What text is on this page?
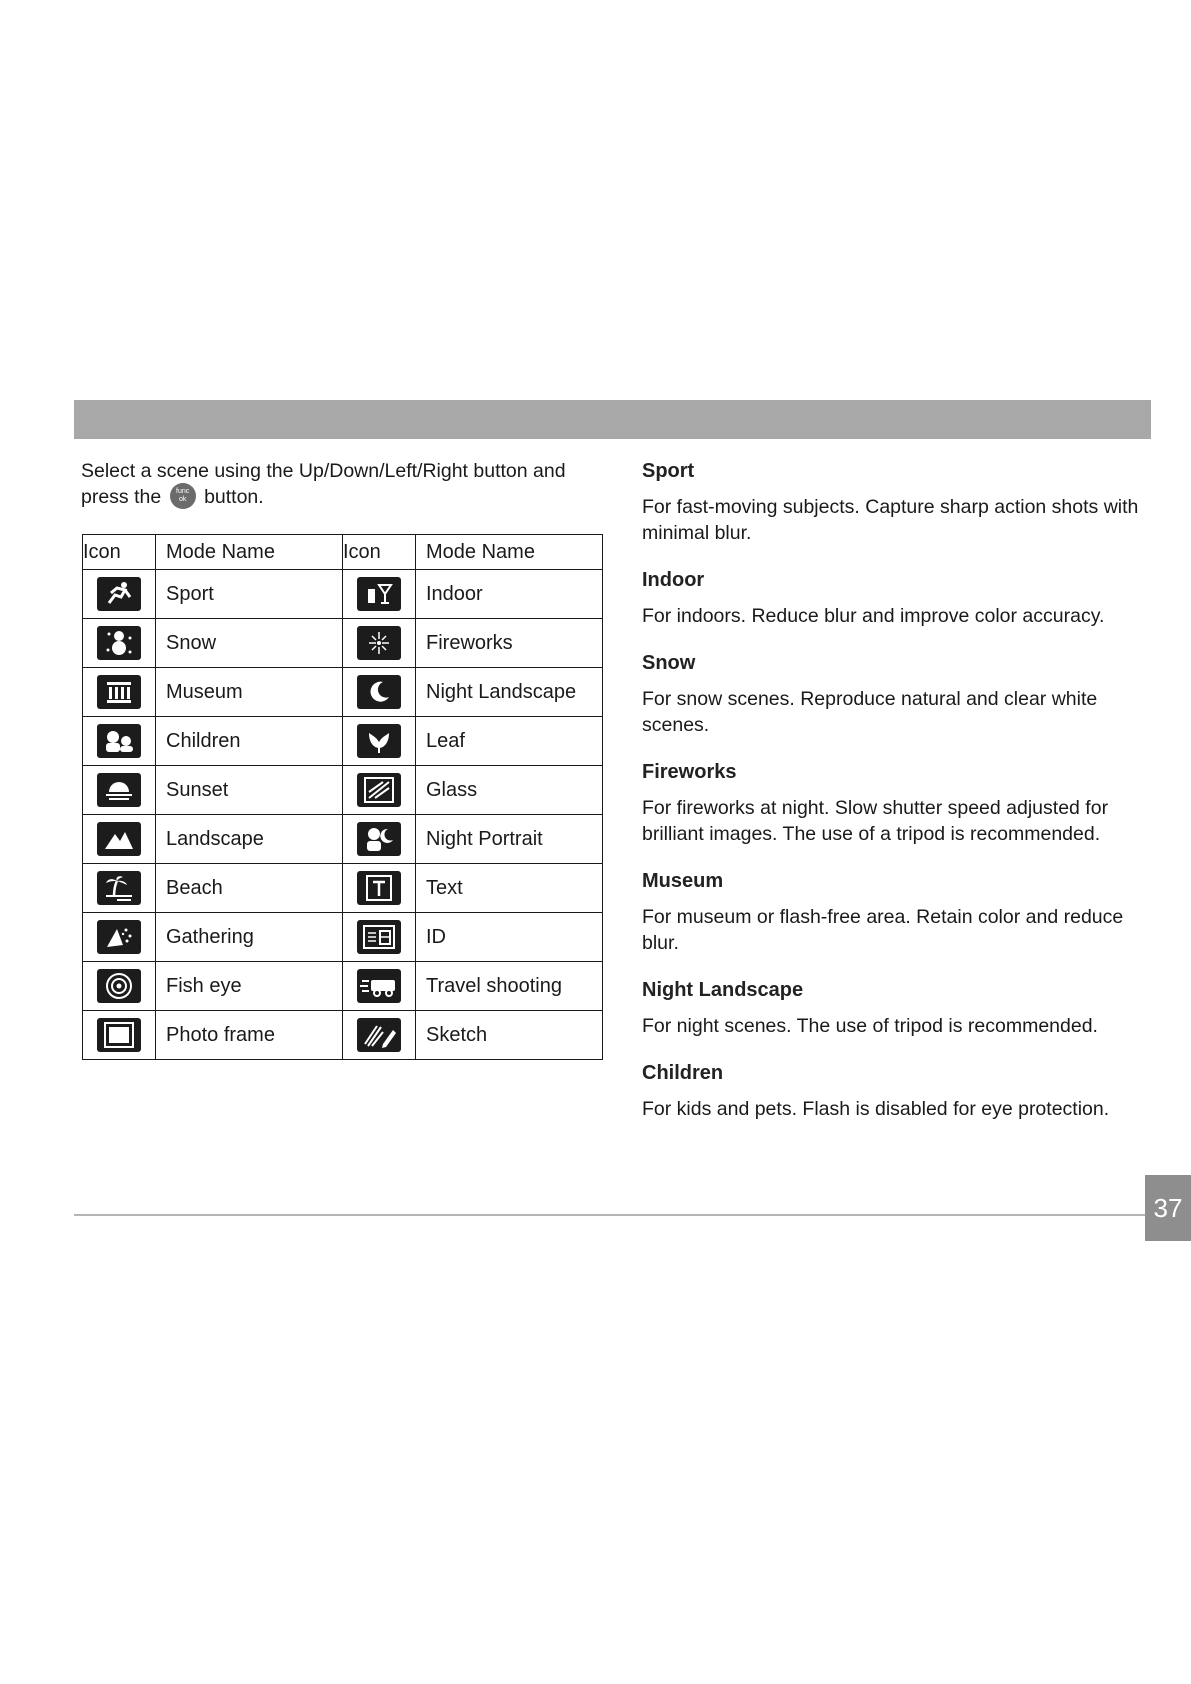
Select a scene using the Up/Down/Left/Right button and press the	func
ok button.
Icon	Mode Name	Icon	Mode Name

	Sport		Indoor

	Snow		Fireworks

	Museum		Night Landscape

	Children		Leaf

	Sunset		Glass

	Landscape		Night Portrait

	Beach		Text

	Gathering		ID

	Fish eye		Travel shooting

	Photo frame		Sketch
Sport

For fast-moving subjects. Capture sharp action shots with minimal blur.

Indoor

For indoors. Reduce blur and improve color accuracy.

Snow

For snow scenes. Reproduce natural and clear white scenes.

Fireworks

For fireworks at night. Slow shutter speed adjusted for brilliant images. The use of a tripod is recommended.

Museum

For museum or flash-free area. Retain color and reduce blur.

Night Landscape

For night scenes. The use of tripod is recommended.

Children

For kids and pets. Flash is disabled for eye protection.

37
